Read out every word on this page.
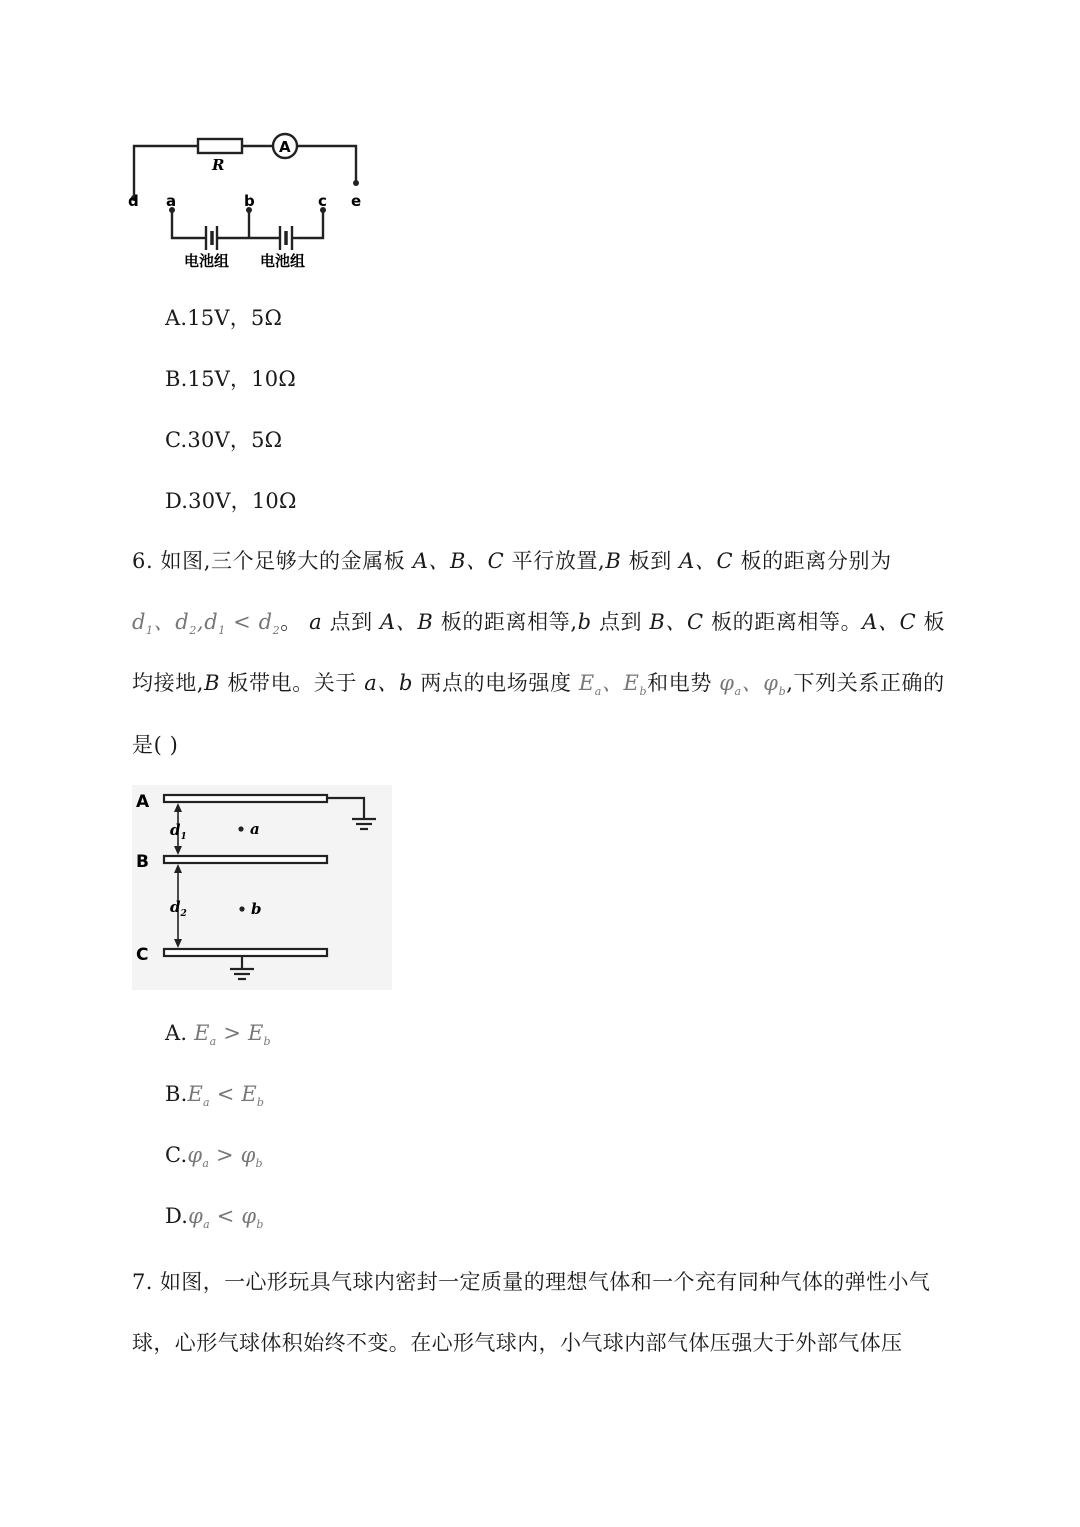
R
A
d a	b	c e
电池组 电池组
A.15V，5Ω
B.15V，10Ω
C.30V，5Ω
D.30V，10Ω
6. 如图,三个足够大的金属板 A、B、C 平行放置,B 板到 A、C 板的距离分别为
$d_1$、$d_2,d_1 < d_2$。 a 点到 A、B 板的距离相等,b 点到 B、C 板的距离相等。A、C 板
均接地,B 板带电。关于 a、b 两点的电场强度 $E_a$、$E_b$和电势 $\varphi_a$、$\varphi_b$,下列关系正确的
是( )
A
B
C
$d_1$
$d_2$
a
b
A. $E_a > E_b$
$B.E_a < E_b$
$C.\varphi_a > \varphi_b$
$D.\varphi_a < \varphi_b$
7. 如图，一心形玩具气球内密封一定质量的理想气体和一个充有同种气体的弹性小气
球，心形气球体积始终不变。在心形气球内，小气球内部气体压强大于外部气体压
